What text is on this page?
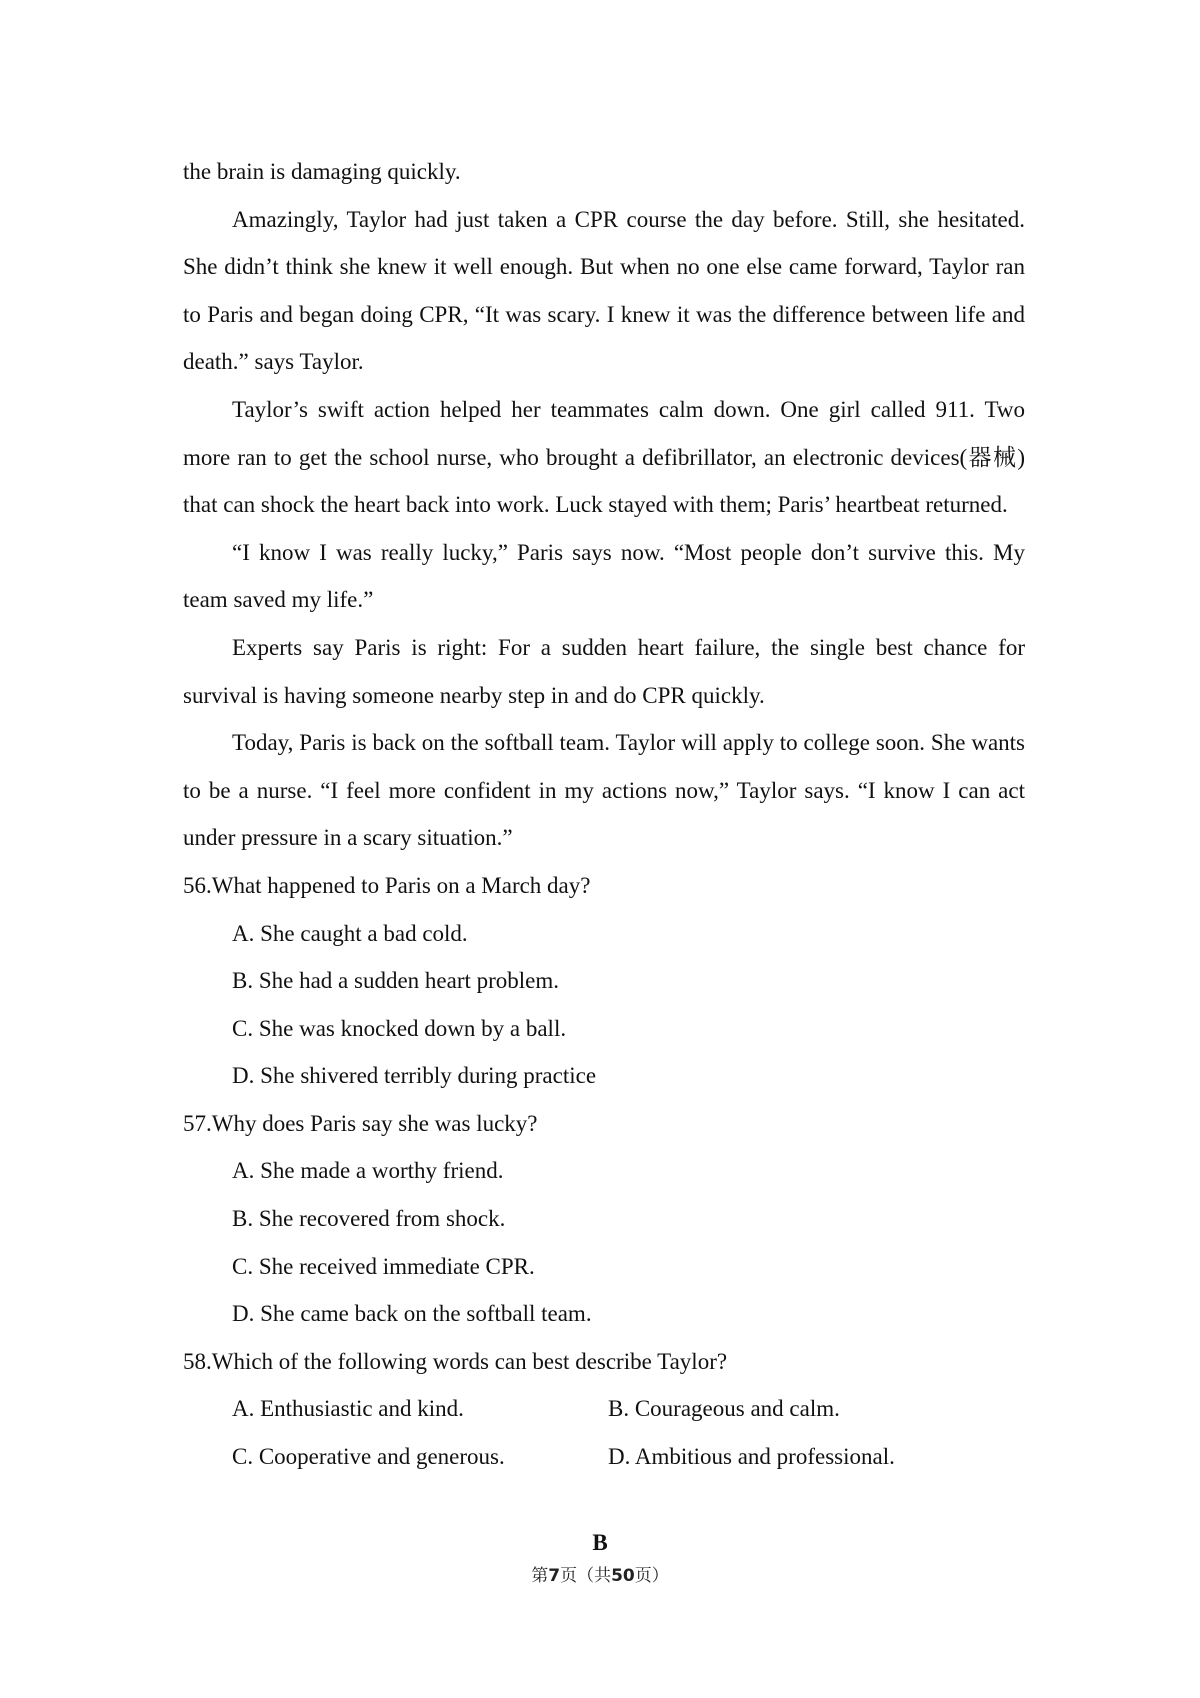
the brain is damaging quickly.

Amazingly, Taylor had just taken a CPR course the day before. Still, she hesitated. She didn’t think she knew it well enough. But when no one else came forward, Taylor ran to Paris and began doing CPR, “It was scary. I knew it was the difference between life and death.” says Taylor.

Taylor’s swift action helped her teammates calm down. One girl called 911. Two more ran to get the school nurse, who brought a defibrillator, an electronic devices(器械) that can shock the heart back into work. Luck stayed with them; Paris’ heartbeat returned.

“I know I was really lucky,” Paris says now. “Most people don’t survive this. My team saved my life.”

Experts say Paris is right: For a sudden heart failure, the single best chance for survival is having someone nearby step in and do CPR quickly.

Today, Paris is back on the softball team. Taylor will apply to college soon. She wants to be a nurse. “I feel more confident in my actions now,” Taylor says. “I know I can act under pressure in a scary situation.”

56.What happened to Paris on a March day?

A. She caught a bad cold.

B. She had a sudden heart problem.

C. She was knocked down by a ball.

D. She shivered terribly during practice

57.Why does Paris say she was lucky?

A. She made a worthy friend.

B. She recovered from shock.

C. She received immediate CPR.

D. She came back on the softball team.

58.Which of the following words can best describe Taylor?

A. Enthusiastic and kind.	B. Courageous and calm.
C. Cooperative and generous.	D. Ambitious and professional.
B
第7页（共50页）
